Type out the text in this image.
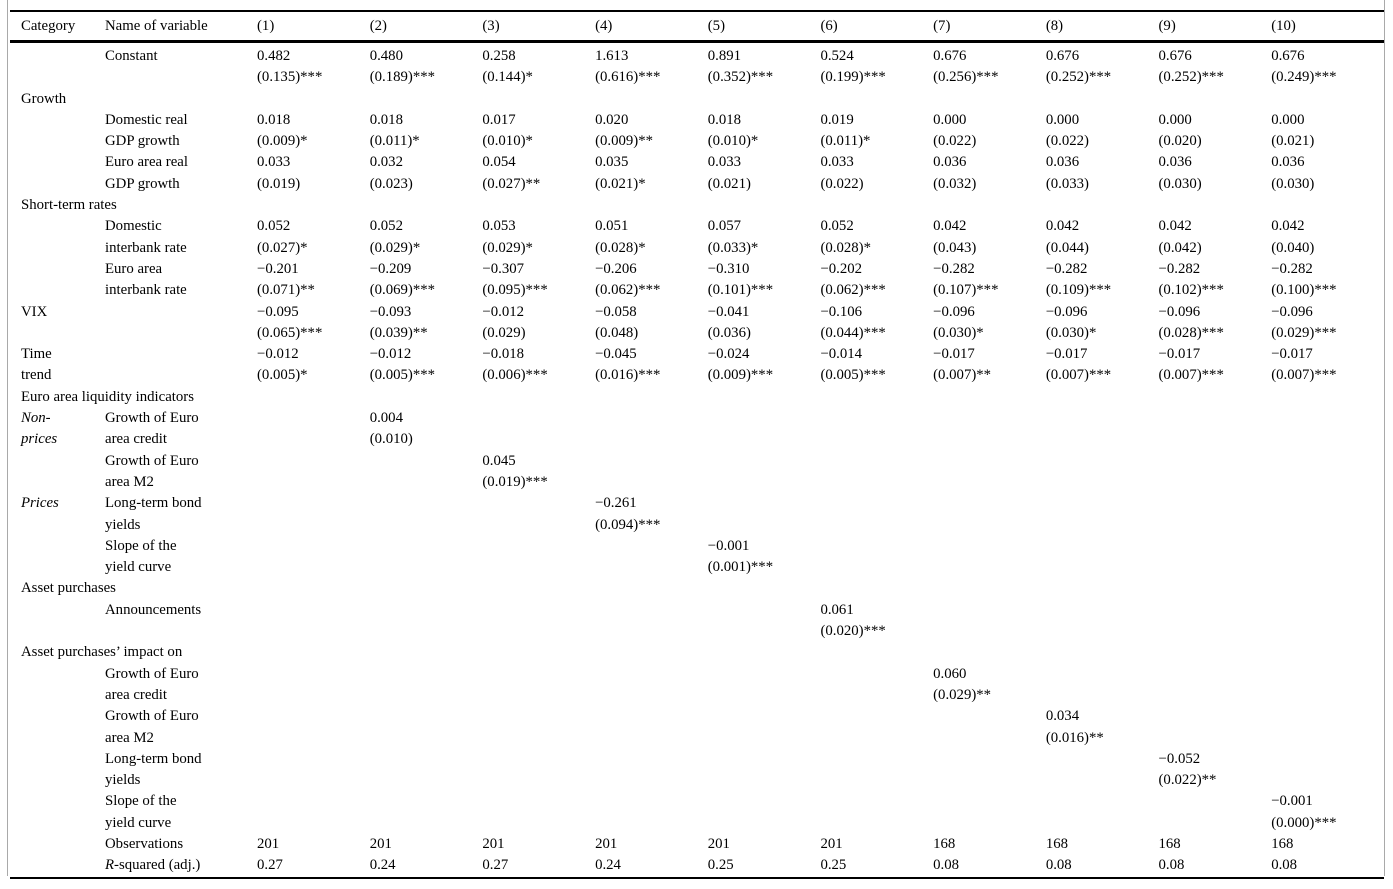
Category	Name of variable	(1)	(2)	(3)	(4)	(5)	(6)	(7)	(8)	(9)	(10)
	Constant	0.482	0.480	0.258	1.613	0.891	0.524	0.676	0.676	0.676	0.676
		(0.135)***	(0.189)***	(0.144)*	(0.616)***	(0.352)***	(0.199)***	(0.256)***	(0.252)***	(0.252)***	(0.249)***
Growth											
	Domestic real	0.018	0.018	0.017	0.020	0.018	0.019	0.000	0.000	0.000	0.000
	GDP growth	(0.009)*	(0.011)*	(0.010)*	(0.009)**	(0.010)*	(0.011)*	(0.022)	(0.022)	(0.020)	(0.021)
	Euro area real	0.033	0.032	0.054	0.035	0.033	0.033	0.036	0.036	0.036	0.036
	GDP growth	(0.019)	(0.023)	(0.027)**	(0.021)*	(0.021)	(0.022)	(0.032)	(0.033)	(0.030)	(0.030)
Short-term rates											
	Domestic	0.052	0.052	0.053	0.051	0.057	0.052	0.042	0.042	0.042	0.042
	interbank rate	(0.027)*	(0.029)*	(0.029)*	(0.028)*	(0.033)*	(0.028)*	(0.043)	(0.044)	(0.042)	(0.040)
	Euro area	−0.201	−0.209	−0.307	−0.206	−0.310	−0.202	−0.282	−0.282	−0.282	−0.282
	interbank rate	(0.071)**	(0.069)***	(0.095)***	(0.062)***	(0.101)***	(0.062)***	(0.107)***	(0.109)***	(0.102)***	(0.100)***
VIX		−0.095	−0.093	−0.012	−0.058	−0.041	−0.106	−0.096	−0.096	−0.096	−0.096
		(0.065)***	(0.039)**	(0.029)	(0.048)	(0.036)	(0.044)***	(0.030)*	(0.030)*	(0.028)***	(0.029)***
Time		−0.012	−0.012	−0.018	−0.045	−0.024	−0.014	−0.017	−0.017	−0.017	−0.017
trend		(0.005)*	(0.005)***	(0.006)***	(0.016)***	(0.009)***	(0.005)***	(0.007)**	(0.007)***	(0.007)***	(0.007)***
Euro area liquidity indicators											
Non-	Growth of Euro		0.004								
prices	area credit		(0.010)								
	Growth of Euro			0.045							
	area M2			(0.019)***							
Prices	Long-term bond				−0.261						
	yields				(0.094)***						
	Slope of the					−0.001					
	yield curve					(0.001)***					
Asset purchases											
	Announcements						0.061				
							(0.020)***				
Asset purchases’ impact on											
	Growth of Euro							0.060			
	area credit							(0.029)**			
	Growth of Euro								0.034		
	area M2								(0.016)**		
	Long-term bond									−0.052	
	yields									(0.022)**	
	Slope of the										−0.001
	yield curve										(0.000)***
	Observations	201	201	201	201	201	201	168	168	168	168
	R-squared (adj.)	0.27	0.24	0.27	0.24	0.25	0.25	0.08	0.08	0.08	0.08
